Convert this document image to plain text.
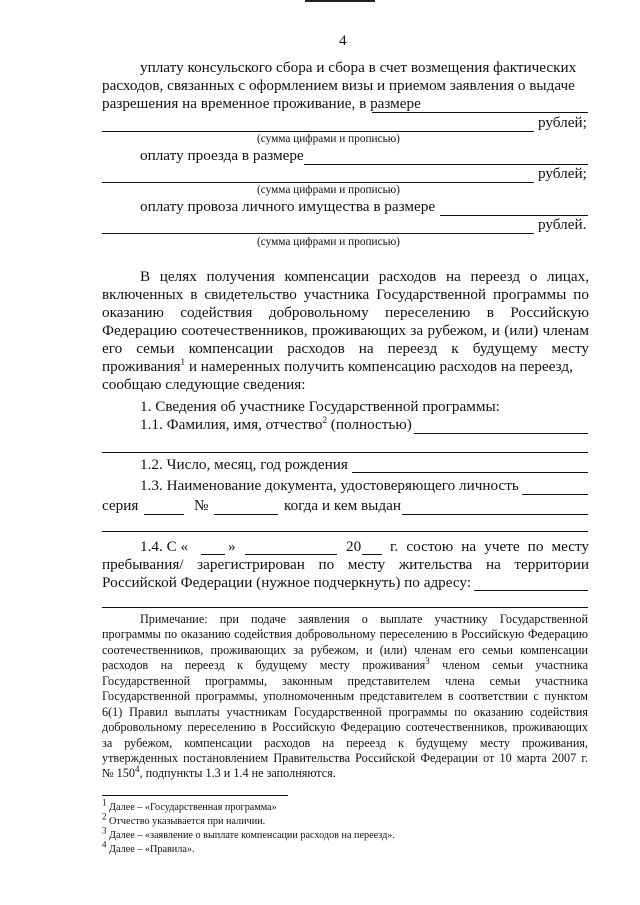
4
уплату консульского сбора и сбора в счет возмещения фактических
расходов, связанных с оформлением визы и приемом заявления о выдаче
разрешения на временное проживание, в размере
рублей;
(сумма цифрами и прописью)
оплату проезда в размере
рублей;
(сумма цифрами и прописью)
оплату провоза личного имущества в размере
рублей.
(сумма цифрами и прописью)
В целях получения компенсации расходов на переезд о лицах,
включенных в свидетельство участника Государственной программы по
оказанию содействия добровольному переселению в Российскую
Федерацию соотечественников, проживающих за рубежом, и (или) членам
его семьи компенсации расходов на переезд к будущему месту
проживания$^1$ и намеренных получить компенсацию расходов на переезд,
сообщаю следующие сведения:
1. Сведения об участнике Государственной программы:
1.1. Фамилия, имя, отчество$^2$ (полностью)
1.2. Число, месяц, год рождения
1.3. Наименование документа, удостоверяющего личность
серия	№	когда и кем выдан
1.4. С «	»	20 г. состою на учете по месту
пребывания/ зарегистрирован по месту жительства на территории
Российской Федерации (нужное подчеркнуть) по адресу:
Примечание: при подаче заявления о выплате участнику Государственной
программы по оказанию содействия добровольному переселению в Российскую Федерацию
соотечественников, проживающих за рубежом, и (или) членам его семьи компенсации
расходов на переезд к будущему месту проживания$^3$ членом семьи участника
Государственной программы, законным представителем члена семьи участника
Государственной программы, уполномоченным представителем в соответствии с пунктом
6(1) Правил выплаты участникам Государственной программы по оказанию содействия
добровольному переселению в Российскую Федерацию соотечественников, проживающих
за рубежом, компенсации расходов на переезд к будущему месту проживания,
утвержденных постановлением Правительства Российской Федерации от 10 марта 2007 г.
№ $150^4$, подпункты 1.3 и 1.4 не заполняются.
$^1$ Далее – «Государственная программа»
$^2$ Отчество указывается при наличии.
$^3$ Далее – «заявление о выплате компенсации расходов на переезд».
$^4$ Далее – «Правила».
